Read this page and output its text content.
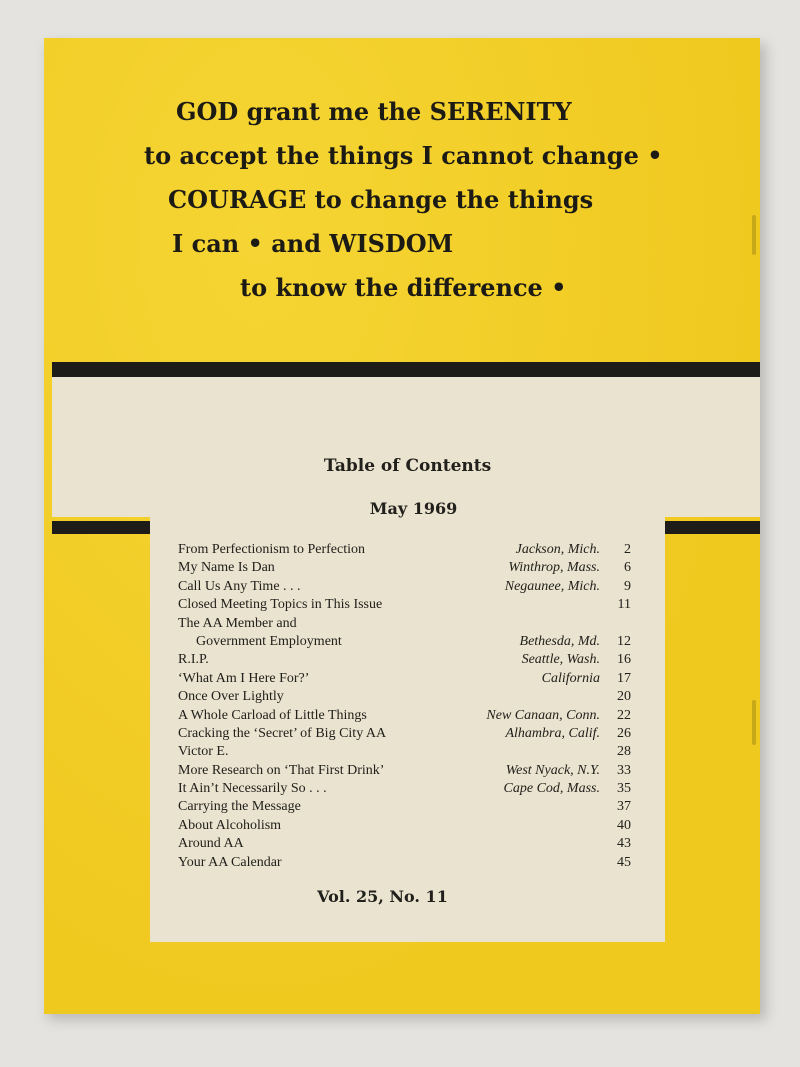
GOD grant me the SERENITY
to accept the things I cannot change •
COURAGE to change the things
I can • and WISDOM
to know the difference •
Table of Contents
May 1969
From Perfectionism to Perfection	Jackson, Mich.	2
My Name Is Dan	Winthrop, Mass.	6
Call Us Any Time . . .	Negaunee, Mich.	9
Closed Meeting Topics in This Issue	11
The AA Member and
Government Employment	Bethesda, Md.	12
R.I.P.	Seattle, Wash.	16
‘What Am I Here For?’	California	17
Once Over Lightly	20
A Whole Carload of Little Things	New Canaan, Conn.	22
Cracking the ‘Secret’ of Big City AA	Alhambra, Calif.	26
Victor E.	28
More Research on ‘That First Drink’	West Nyack, N.Y.	33
It Ain’t Necessarily So . . .	Cape Cod, Mass.	35
Carrying the Message	37
About Alcoholism	40
Around AA	43
Your AA Calendar	45
Vol. 25, No. 11
